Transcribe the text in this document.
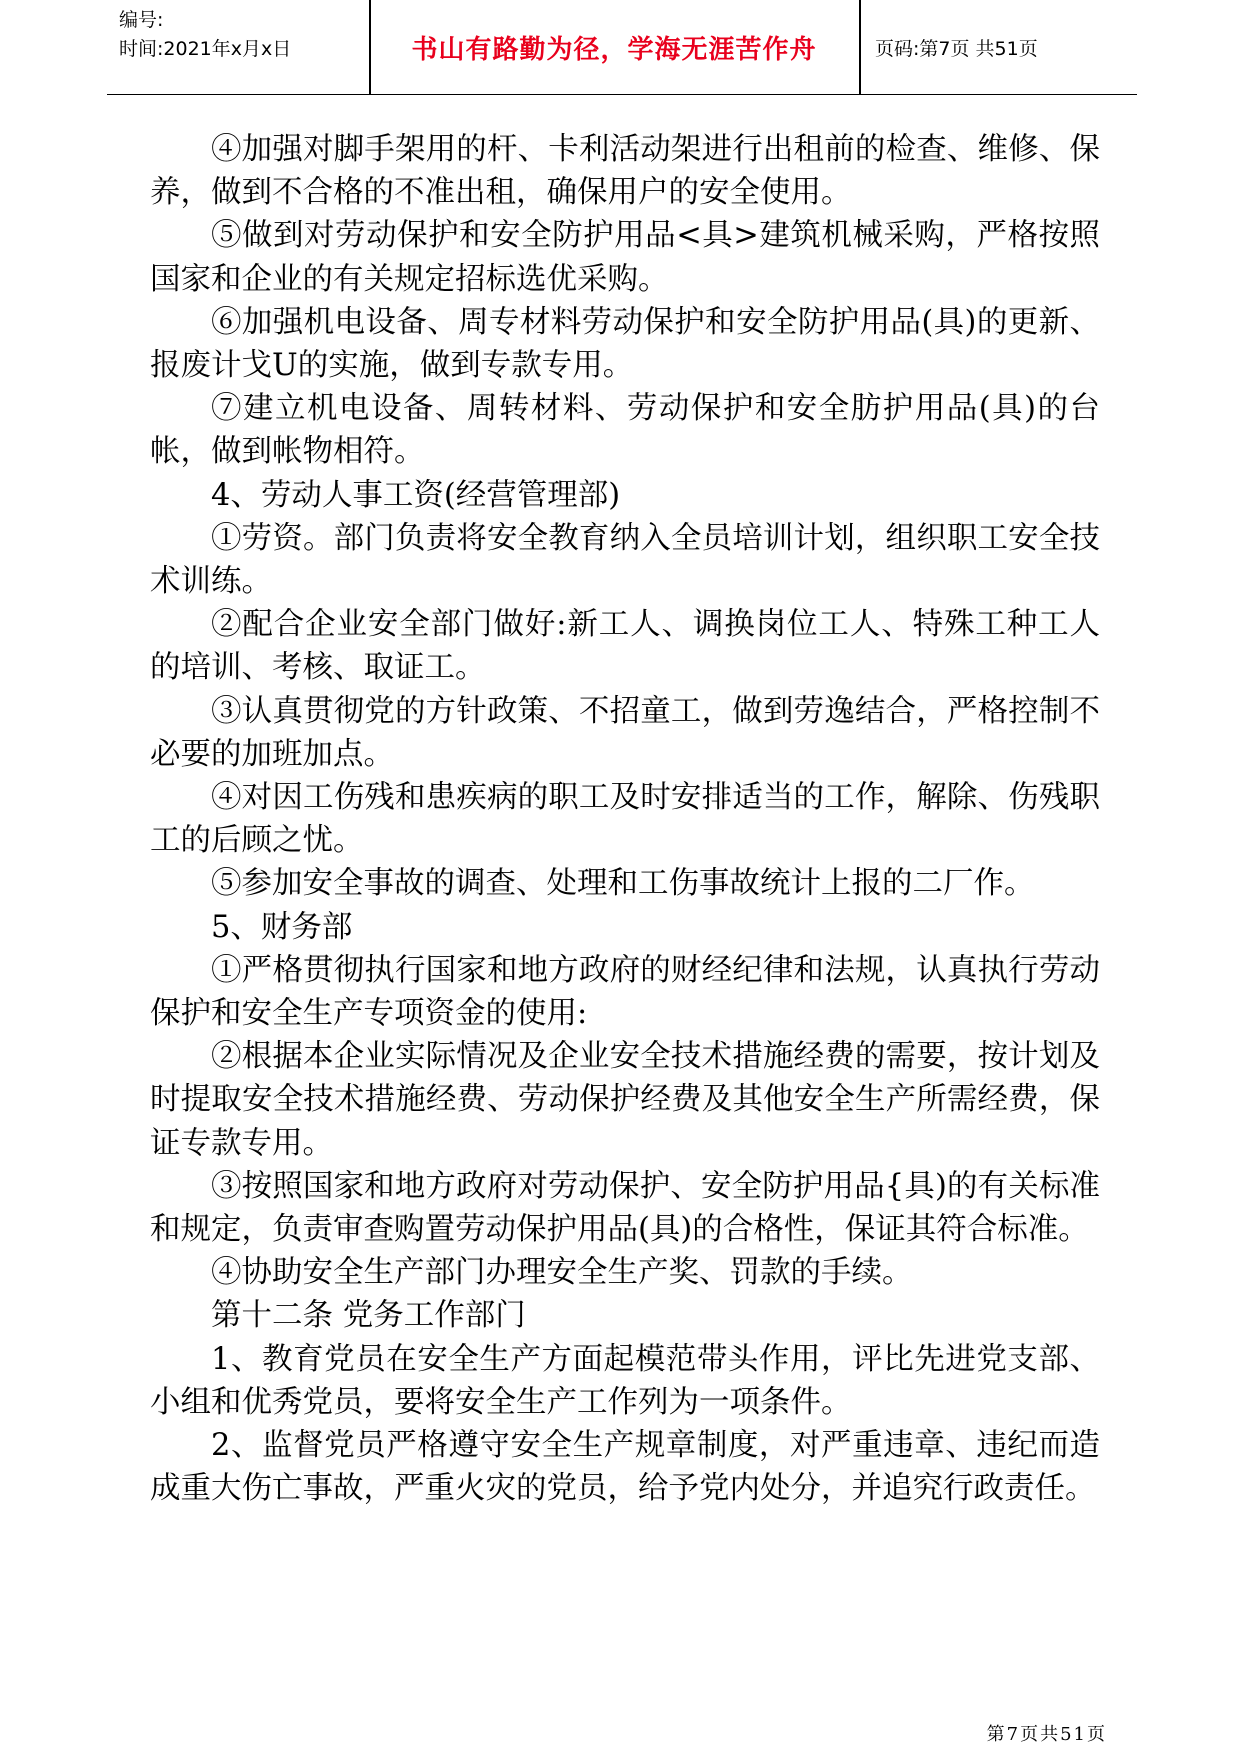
编号:
时间:2021年x月x日	书山有路勤为径，学海无涯苦作舟	页码:第7页 共51页

④加强对脚手架用的杆、卡利活动架进行出租前的检查、维修、保养，做到不合格的不准出租，确保用户的安全使用。

⑤做到对劳动保护和安全防护用品<具>建筑机械采购，严格按照国家和企业的有关规定招标选优采购。

⑥加强机电设备、周专材料劳动保护和安全防护用品(具)的更新、报废计戈U的实施，做到专款专用。

⑦建立机电设备、周转材料、劳动保护和安全肪护用品(具)的台帐，做到帐物相符。

4、劳动人事工资(经营管理部)

①劳资。部门负责将安全教育纳入全员培训计划，组织职工安全技术训练。

②配合企业安全部门做好:新工人、调换岗位工人、特殊工种工人的培训、考核、取证工。

③认真贯彻党的方针政策、不招童工，做到劳逸结合，严格控制不必要的加班加点。

④对因工伤残和患疾病的职工及时安排适当的工作，解除、伤残职工的后顾之忧。

⑤参加安全事故的调查、处理和工伤事故统计上报的二厂作。

5、财务部

①严格贯彻执行国家和地方政府的财经纪律和法规，认真执行劳动保护和安全生产专项资金的使用:

②根据本企业实际情况及企业安全技术措施经费的需要，按计划及时提取安全技术措施经费、劳动保护经费及其他安全生产所需经费，保证专款专用。

③按照国家和地方政府对劳动保护、安全防护用品{具)的有关标准和规定，负责审查购置劳动保护用品(具)的合格性，保证其符合标准。

④协助安全生产部门办理安全生产奖、罚款的手续。

第十二条 党务工作部门

1、教育党员在安全生产方面起模范带头作用，评比先进党支部、小组和优秀党员，要将安全生产工作列为一项条件。

2、监督党员严格遵守安全生产规章制度，对严重违章、违纪而造成重大伤亡事故，严重火灾的党员，给予党内处分，并追究行政责任。

第7页共51页
